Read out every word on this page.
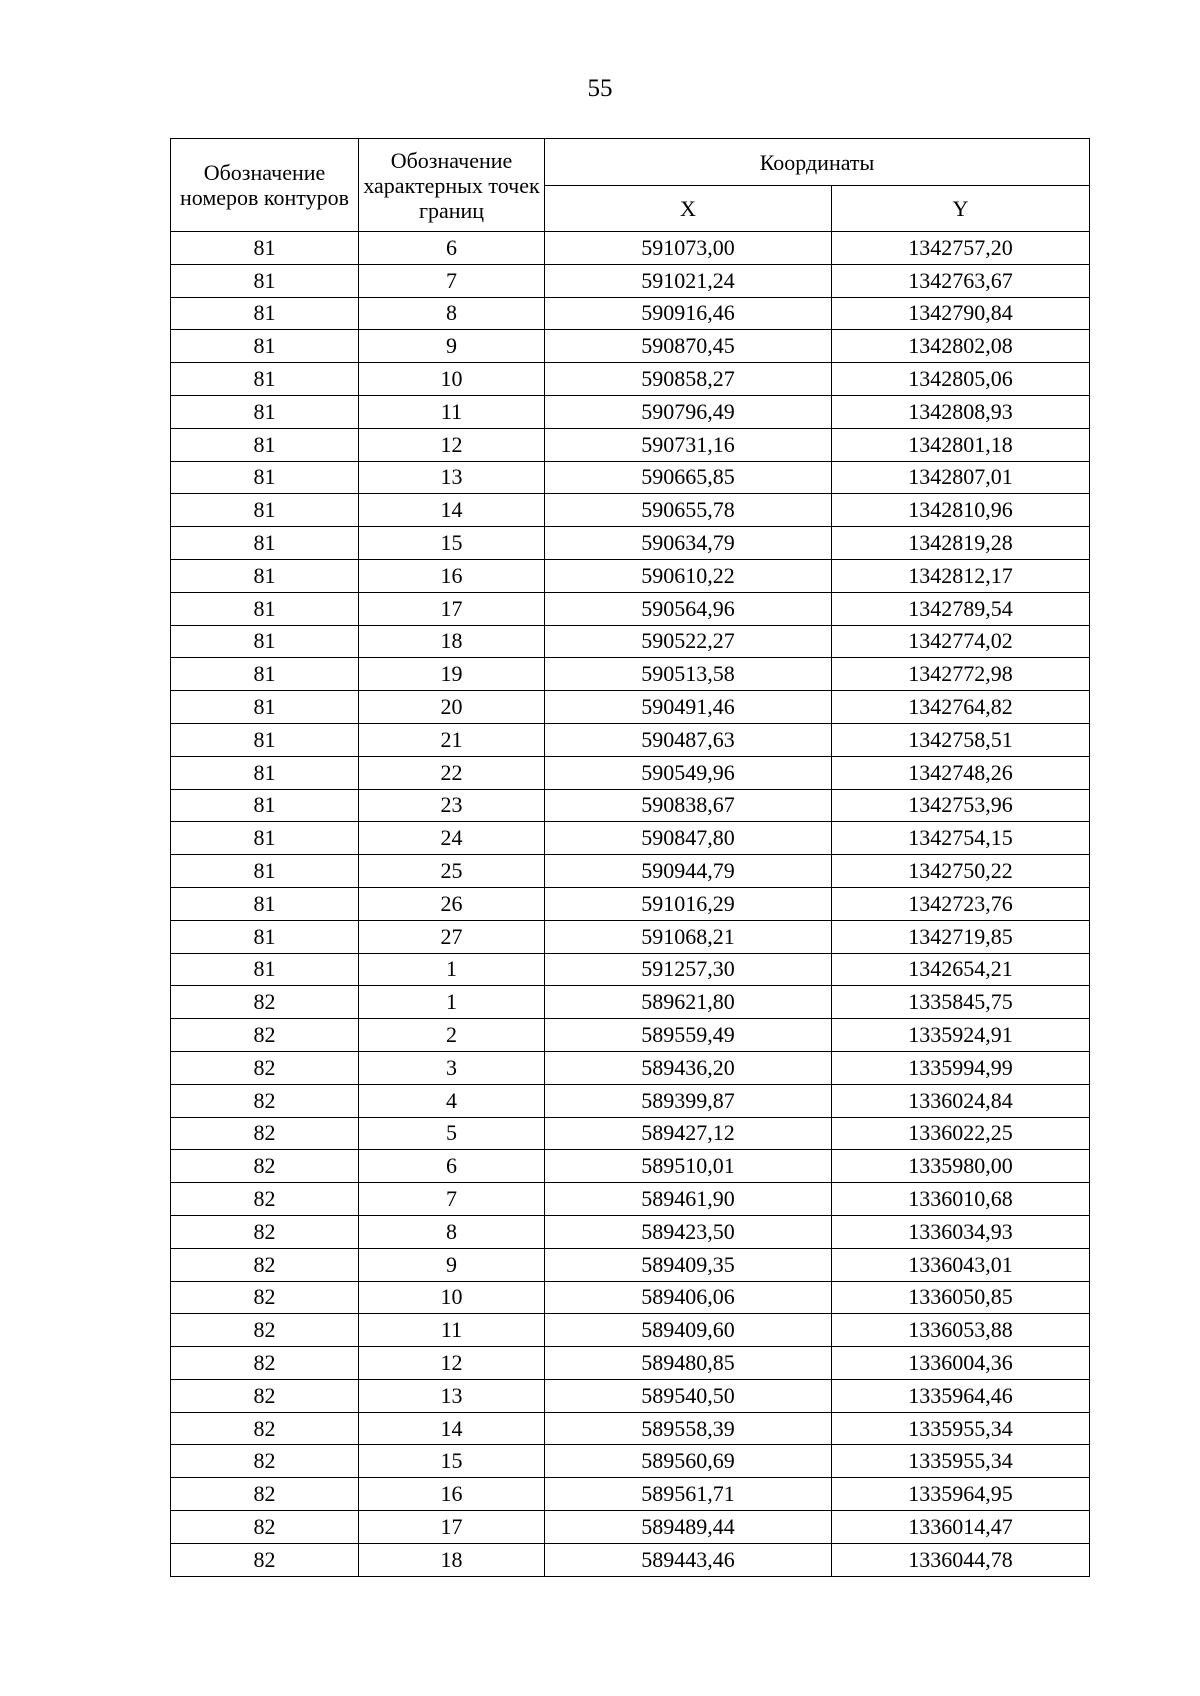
55
Обозначение номеров контуров	Обозначение характерных точек границ	Координаты	
		X	Y
81	6	591073,00	1342757,20
81	7	591021,24	1342763,67
81	8	590916,46	1342790,84
81	9	590870,45	1342802,08
81	10	590858,27	1342805,06
81	11	590796,49	1342808,93
81	12	590731,16	1342801,18
81	13	590665,85	1342807,01
81	14	590655,78	1342810,96
81	15	590634,79	1342819,28
81	16	590610,22	1342812,17
81	17	590564,96	1342789,54
81	18	590522,27	1342774,02
81	19	590513,58	1342772,98
81	20	590491,46	1342764,82
81	21	590487,63	1342758,51
81	22	590549,96	1342748,26
81	23	590838,67	1342753,96
81	24	590847,80	1342754,15
81	25	590944,79	1342750,22
81	26	591016,29	1342723,76
81	27	591068,21	1342719,85
81	1	591257,30	1342654,21
82	1	589621,80	1335845,75
82	2	589559,49	1335924,91
82	3	589436,20	1335994,99
82	4	589399,87	1336024,84
82	5	589427,12	1336022,25
82	6	589510,01	1335980,00
82	7	589461,90	1336010,68
82	8	589423,50	1336034,93
82	9	589409,35	1336043,01
82	10	589406,06	1336050,85
82	11	589409,60	1336053,88
82	12	589480,85	1336004,36
82	13	589540,50	1335964,46
82	14	589558,39	1335955,34
82	15	589560,69	1335955,34
82	16	589561,71	1335964,95
82	17	589489,44	1336014,47
82	18	589443,46	1336044,78
